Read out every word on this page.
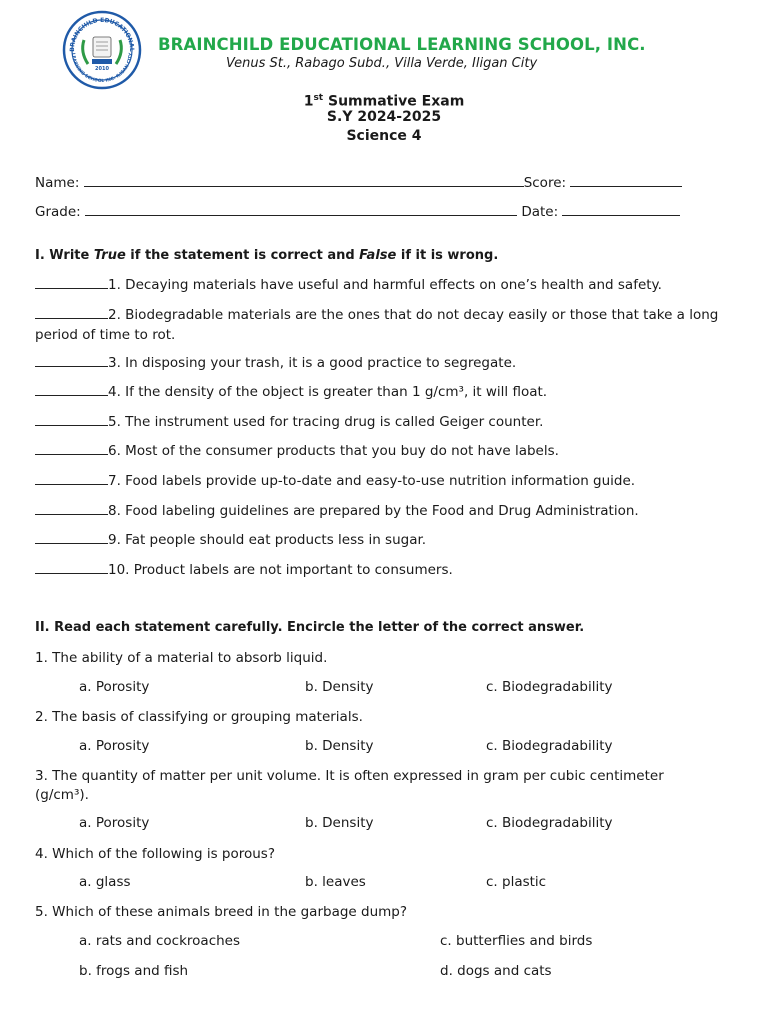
BRAINCHILD EDUCATIONAL
LEARNING SCHOOL INC. ILIGAN CITY
2010
BRAINCHILD EDUCATIONAL LEARNING SCHOOL, INC.
Venus St., Rabago Subd., Villa Verde, Iligan City
1st Summative Exam
S.Y 2024-2025
Science 4
Name:	Score:
Grade:	Date:
I. Write True if the statement is correct and False if it is wrong.
1. Decaying materials have useful and harmful effects on one’s health and safety.
2. Biodegradable materials are the ones that do not decay easily or those that take a long period of time to rot.
3. In disposing your trash, it is a good practice to segregate.
4. If the density of the object is greater than 1 g/cm³, it will float.
5. The instrument used for tracing drug is called Geiger counter.
6. Most of the consumer products that you buy do not have labels.
7. Food labels provide up-to-date and easy-to-use nutrition information guide.
8. Food labeling guidelines are prepared by the Food and Drug Administration.
9. Fat people should eat products less in sugar.
10. Product labels are not important to consumers.
II. Read each statement carefully. Encircle the letter of the correct answer.
1. The ability of a material to absorb liquid.
a. Porosity	b. Density	c. Biodegradability
2. The basis of classifying or grouping materials.
a. Porosity	b. Density	c. Biodegradability
3. The quantity of matter per unit volume. It is often expressed in gram per cubic centimeter (g/cm³).
a. Porosity	b. Density	c. Biodegradability
4. Which of the following is porous?
a. glass	b. leaves	c. plastic
5. Which of these animals breed in the garbage dump?
a. rats and cockroaches	c. butterflies and birds
b. frogs and fish	d. dogs and cats
